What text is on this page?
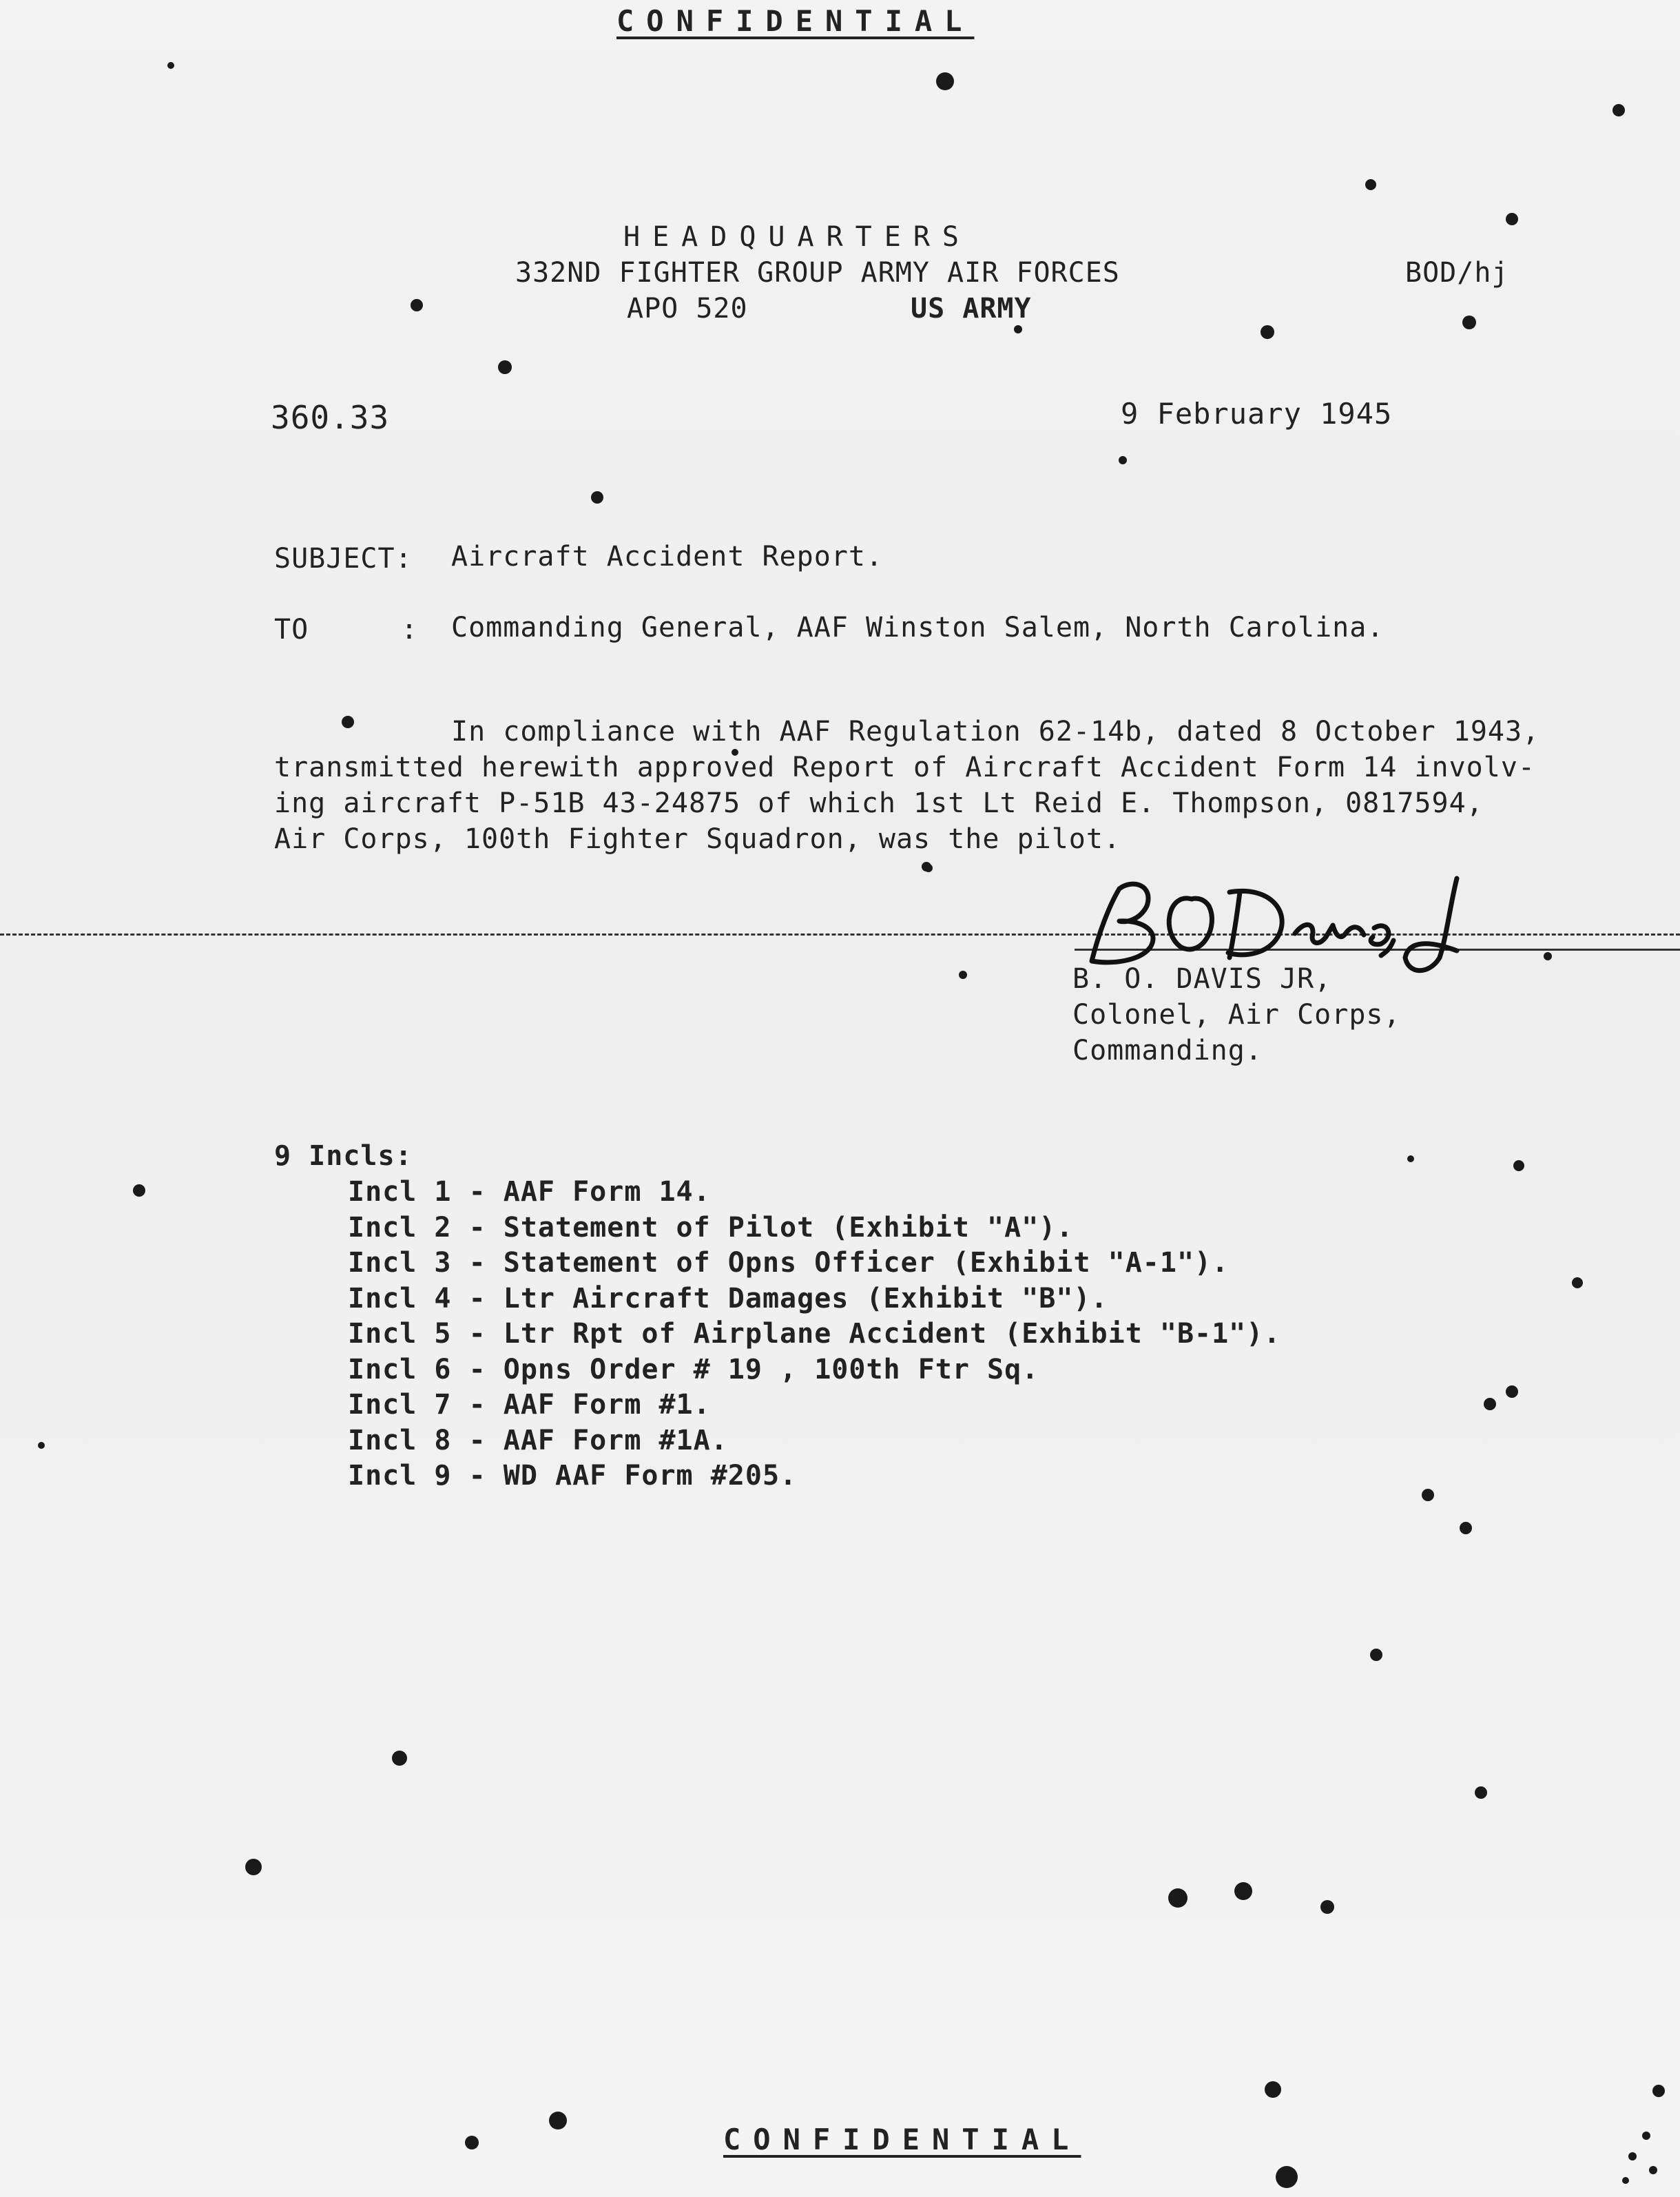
CONFIDENTIAL
HEADQUARTERS
332ND FIGHTER GROUP ARMY AIR FORCES
APO 520	US ARMY
BOD/hj
360.33	9 February 1945
SUBJECT: Aircraft Accident Report.
TO	: Commanding General, AAF Winston Salem, North Carolina.
In compliance with AAF Regulation 62-14b, dated 8 October 1943,
transmitted herewith approved Report of Aircraft Accident Form 14 involv-
ing aircraft P-51B 43-24875 of which 1st Lt Reid E. Thompson, 0817594,
Air Corps, 100th Fighter Squadron, was the pilot.
B. O. DAVIS JR,
Colonel, Air Corps,
Commanding.
9 Incls:
Incl 1 - AAF Form 14.
Incl 2 - Statement of Pilot (Exhibit "A").
Incl 3 - Statement of Opns Officer (Exhibit "A-1").
Incl 4 - Ltr Aircraft Damages (Exhibit "B").
Incl 5 - Ltr Rpt of Airplane Accident (Exhibit "B-1").
Incl 6 - Opns Order # 19 , 100th Ftr Sq.
Incl 7 - AAF Form #1.
Incl 8 - AAF Form #1A.
Incl 9 - WD AAF Form #205.
CONFIDENTIAL
